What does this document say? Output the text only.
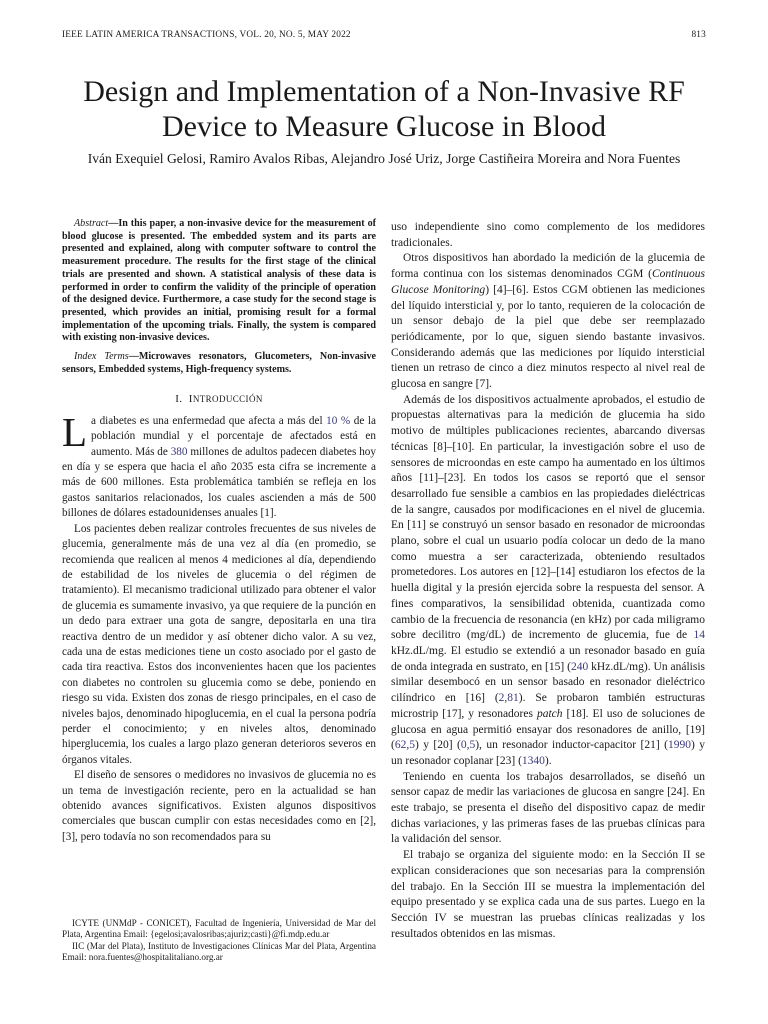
IEEE LATIN AMERICA TRANSACTIONS, VOL. 20, NO. 5, MAY 2022	813
Design and Implementation of a Non-Invasive RF
Device to Measure Glucose in Blood
Iván Exequiel Gelosi, Ramiro Avalos Ribas, Alejandro José Uriz, Jorge Castiñeira Moreira and Nora Fuentes

Abstract—In this paper, a non-invasive device for the measurement of blood glucose is presented. The embedded system and its parts are presented and explained, along with computer software to control the measurement procedure. The results for the first stage of the clinical trials are presented and shown. A statistical analysis of these data is performed in order to confirm the validity of the principle of operation of the designed device. Furthermore, a case study for the second stage is presented, which provides an initial, promising result for a formal implementation of the upcoming trials. Finally, the system is compared with existing non-invasive devices.

Index Terms—Microwaves resonators, Glucometers, Non-invasive sensors, Embedded systems, High-frequency systems.

I. INTRODUCCIÓN

La diabetes es una enfermedad que afecta a más del 10 % de la población mundial y el porcentaje de afectados está en aumento. Más de 380 millones de adultos padecen diabetes hoy en día y se espera que hacia el año 2035 esta cifra se incremente a más de 600 millones. Esta problemática también se refleja en los gastos sanitarios relacionados, los cuales ascienden a más de 500 billones de dólares estadounidenses anuales [1].

Los pacientes deben realizar controles frecuentes de sus niveles de glucemia, generalmente más de una vez al día (en promedio, se recomienda que realicen al menos 4 mediciones al día, dependiendo de estabilidad de los niveles de glucemia o del régimen de tratamiento). El mecanismo tradicional utilizado para obtener el valor de glucemia es sumamente invasivo, ya que requiere de la punción en un dedo para extraer una gota de sangre, depositarla en una tira reactiva dentro de un medidor y así obtener dicho valor. A su vez, cada una de estas mediciones tiene un costo asociado por el gasto de cada tira reactiva. Estos dos inconvenientes hacen que los pacientes con diabetes no controlen su glucemia como se debe, poniendo en riesgo su vida. Existen dos zonas de riesgo principales, en el caso de niveles bajos, denominado hipoglucemia, en el cual la persona podría perder el conocimiento; y en niveles altos, denominado hiperglucemia, los cuales a largo plazo generan deterioros severos en órganos vitales.

El diseño de sensores o medidores no invasivos de glucemia no es un tema de investigación reciente, pero en la actualidad se han obtenido avances significativos. Existen algunos dispositivos comerciales que buscan cumplir con estas necesidades como en [2], [3], pero todavía no son recomendados para su

ICYTE (UNMdP - CONICET), Facultad de Ingeniería, Universidad de Mar del Plata, Argentina Email: {egelosi;avalosribas;ajuriz;casti}@fi.mdp.edu.ar

IIC (Mar del Plata), Instituto de Investigaciones Clínicas Mar del Plata, Argentina Email: nora.fuentes@hospitalitaliano.org.ar

uso independiente sino como complemento de los medidores tradicionales.

Otros dispositivos han abordado la medición de la glucemia de forma continua con los sistemas denominados CGM (Continuous Glucose Monitoring) [4]–[6]. Estos CGM obtienen las mediciones del líquido intersticial y, por lo tanto, requieren de la colocación de un sensor debajo de la piel que debe ser reemplazado periódicamente, por lo que, siguen siendo bastante invasivos. Considerando además que las mediciones por líquido intersticial tienen un retraso de cinco a diez minutos respecto al nivel real de glucosa en sangre [7].

Además de los dispositivos actualmente aprobados, el estudio de propuestas alternativas para la medición de glucemia ha sido motivo de múltiples publicaciones recientes, abarcando diversas técnicas [8]–[10]. En particular, la investigación sobre el uso de sensores de microondas en este campo ha aumentado en los últimos años [11]–[23]. En todos los casos se reportó que el sensor desarrollado fue sensible a cambios en las propiedades dieléctricas de la sangre, causados por modificaciones en el nivel de glucemia. En [11] se construyó un sensor basado en resonador de microondas plano, sobre el cual un usuario podía colocar un dedo de la mano como muestra a ser caracterizada, obteniendo resultados prometedores. Los autores en [12]–[14] estudiaron los efectos de la huella digital y la presión ejercida sobre la respuesta del sensor. A fines comparativos, la sensibilidad obtenida, cuantizada como cambio de la frecuencia de resonancia (en kHz) por cada miligramo sobre decilitro (mg/dL) de incremento de glucemia, fue de 14 kHz.dL/mg. El estudio se extendió a un resonador basado en guía de onda integrada en sustrato, en [15] (240 kHz.dL/mg). Un análisis similar desembocó en un sensor basado en resonador dieléctrico cilíndrico en [16] (2,81). Se probaron también estructuras microstrip [17], y resonadores patch [18]. El uso de soluciones de glucosa en agua permitió ensayar dos resonadores de anillo, [19] (62,5) y [20] (0,5), un resonador inductor-capacitor [21] (1990) y un resonador coplanar [23] (1340).

Teniendo en cuenta los trabajos desarrollados, se diseñó un sensor capaz de medir las variaciones de glucosa en sangre [24]. En este trabajo, se presenta el diseño del dispositivo capaz de medir dichas variaciones, y las primeras fases de las pruebas clínicas para la validación del sensor.

El trabajo se organiza del siguiente modo: en la Sección II se explican consideraciones que son necesarias para la comprensión del trabajo. En la Sección III se muestra la implementación del equipo presentado y se explica cada una de sus partes. Luego en la Sección IV se muestran las pruebas clínicas realizadas y los resultados obtenidos en las mismas.
